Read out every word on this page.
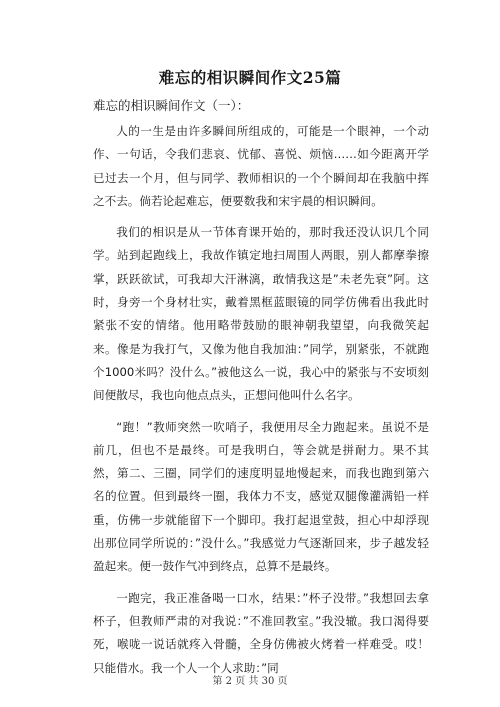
难忘的相识瞬间作文25篇
难忘的相识瞬间作文（一）：

人的一生是由许多瞬间所组成的，可能是一个眼神，一个动作、一句话，令我们悲哀、忧郁、喜悦、烦恼……如今距离开学已过去一个月，但与同学、教师相识的一个个瞬间却在我脑中挥之不去。倘若论起难忘，便要数我和宋宇晨的相识瞬间。

我们的相识是从一节体育课开始的，那时我还没认识几个同学。站到起跑线上，我故作镇定地扫周围人两眼，别人都摩拳擦掌，跃跃欲试，可我却大汗淋漓，敢情我这是”未老先衰”阿。这时，身旁一个身材壮实，戴着黑框蓝眼镜的同学仿佛看出我此时紧张不安的情绪。他用略带鼓励的眼神朝我望望，向我微笑起来。像是为我打气，又像为他自我加油：”同学，别紧张，不就跑个1000米吗？没什么。”被他这么一说，我心中的紧张与不安顷刻间便散尽，我也向他点点头，正想问他叫什么名字。

“跑！”教师突然一吹哨子，我便用尽全力跑起来。虽说不是前几，但也不是最终。可是我明白，等会就是拼耐力。果不其然，第二、三圈，同学们的速度明显地慢起来，而我也跑到第六名的位置。但到最终一圈，我体力不支，感觉双腿像灌满铅一样重，仿佛一步就能留下一个脚印。我打起退堂鼓，担心中却浮现出那位同学所说的：”没什么。”我感觉力气逐渐回来，步子越发轻盈起来。便一鼓作气冲到终点，总算不是最终。

一跑完，我正准备喝一口水，结果：”杯子没带。”我想回去拿杯子，但教师严肃的对我说：”不准回教室。”我没辙。我口渴得要死，喉咙一说话就疼入骨髓，全身仿佛被火烤着一样难受。哎！只能借水。我一个人一个人求助：”同

第 2 页 共 30 页
